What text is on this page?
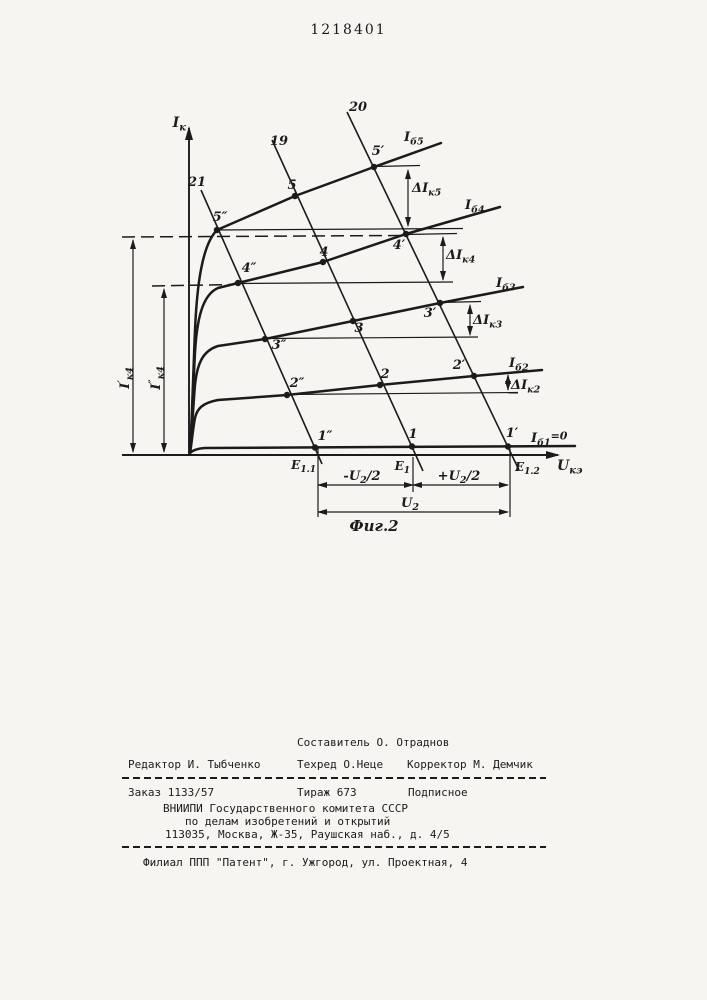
1218401
$I_к$
$U_{кэ}$
21
19
20
$I_{б5}$
$I_{б4}$
$I_{б3}$
$I_{б2}$
$I_{б1}^{=0}$
$\Delta I_{к5}$
$\Delta I_{к4}$
$\Delta I_{к3}$
$\Delta I_{к2}$
$I'_{к4}$
$I''_{к4}$
5″
5
5′
4″
4	4′
3″
3
3′
2″
2
2′
1″	1	1′
$Е_{1.1}$	$Е_1$	$Е_{1.2}$
$-U_2/2$	$+U_2/2$
$U_2$
Фиг.2
Составитель О. Отраднов
Редактор И. Тыбченко	Техред О.Неце Корректор М. Демчик
Заказ 1133/57	Тираж 673	Подписное
ВНИИПИ Государственного комитета СССР
по делам изобретений и открытий
113035, Москва, Ж-35, Раушская наб., д. 4/5
Филиал ППП "Патент", г. Ужгород, ул. Проектная, 4
